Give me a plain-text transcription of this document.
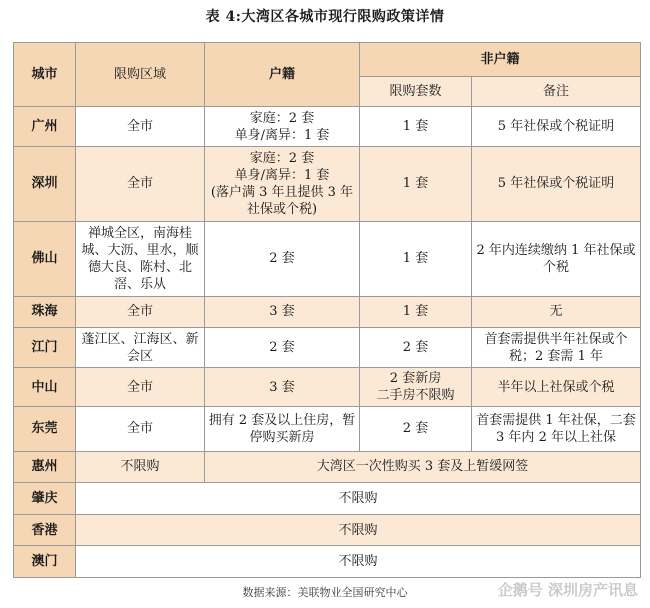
表 4:大湾区各城市现行限购政策详情
城市	限购区域	户籍	非户籍	
			限购套数	备注
广州	全市	家庭：2 套
单身/离异：1 套	1 套	5 年社保或个税证明
深圳	全市	家庭：2 套
单身/离异：1 套
(落户满 3 年且提供 3 年社保或个税)	1 套	5 年社保或个税证明
佛山	禅城全区，南海桂城、大沥、里水，顺德大良、陈村、北滘、乐从	2 套	1 套	2 年内连续缴纳 1 年社保或个税
珠海	全市	3 套	1 套	无
江门	蓬江区、江海区、新会区	2 套	2 套	首套需提供半年社保或个税；2 套需 1 年
中山	全市	3 套	2 套新房
二手房不限购	半年以上社保或个税
东莞	全市	拥有 2 套及以上住房，暂停购买新房	2 套	首套需提供 1 年社保，二套 3 年内 2 年以上社保
惠州	不限购	大湾区一次性购买 3 套及上暂缓网签		
肇庆	不限购			
香港	不限购			
澳门	不限购			
数据来源：美联物业全国研究中心	企鹅号 深圳房产讯息
